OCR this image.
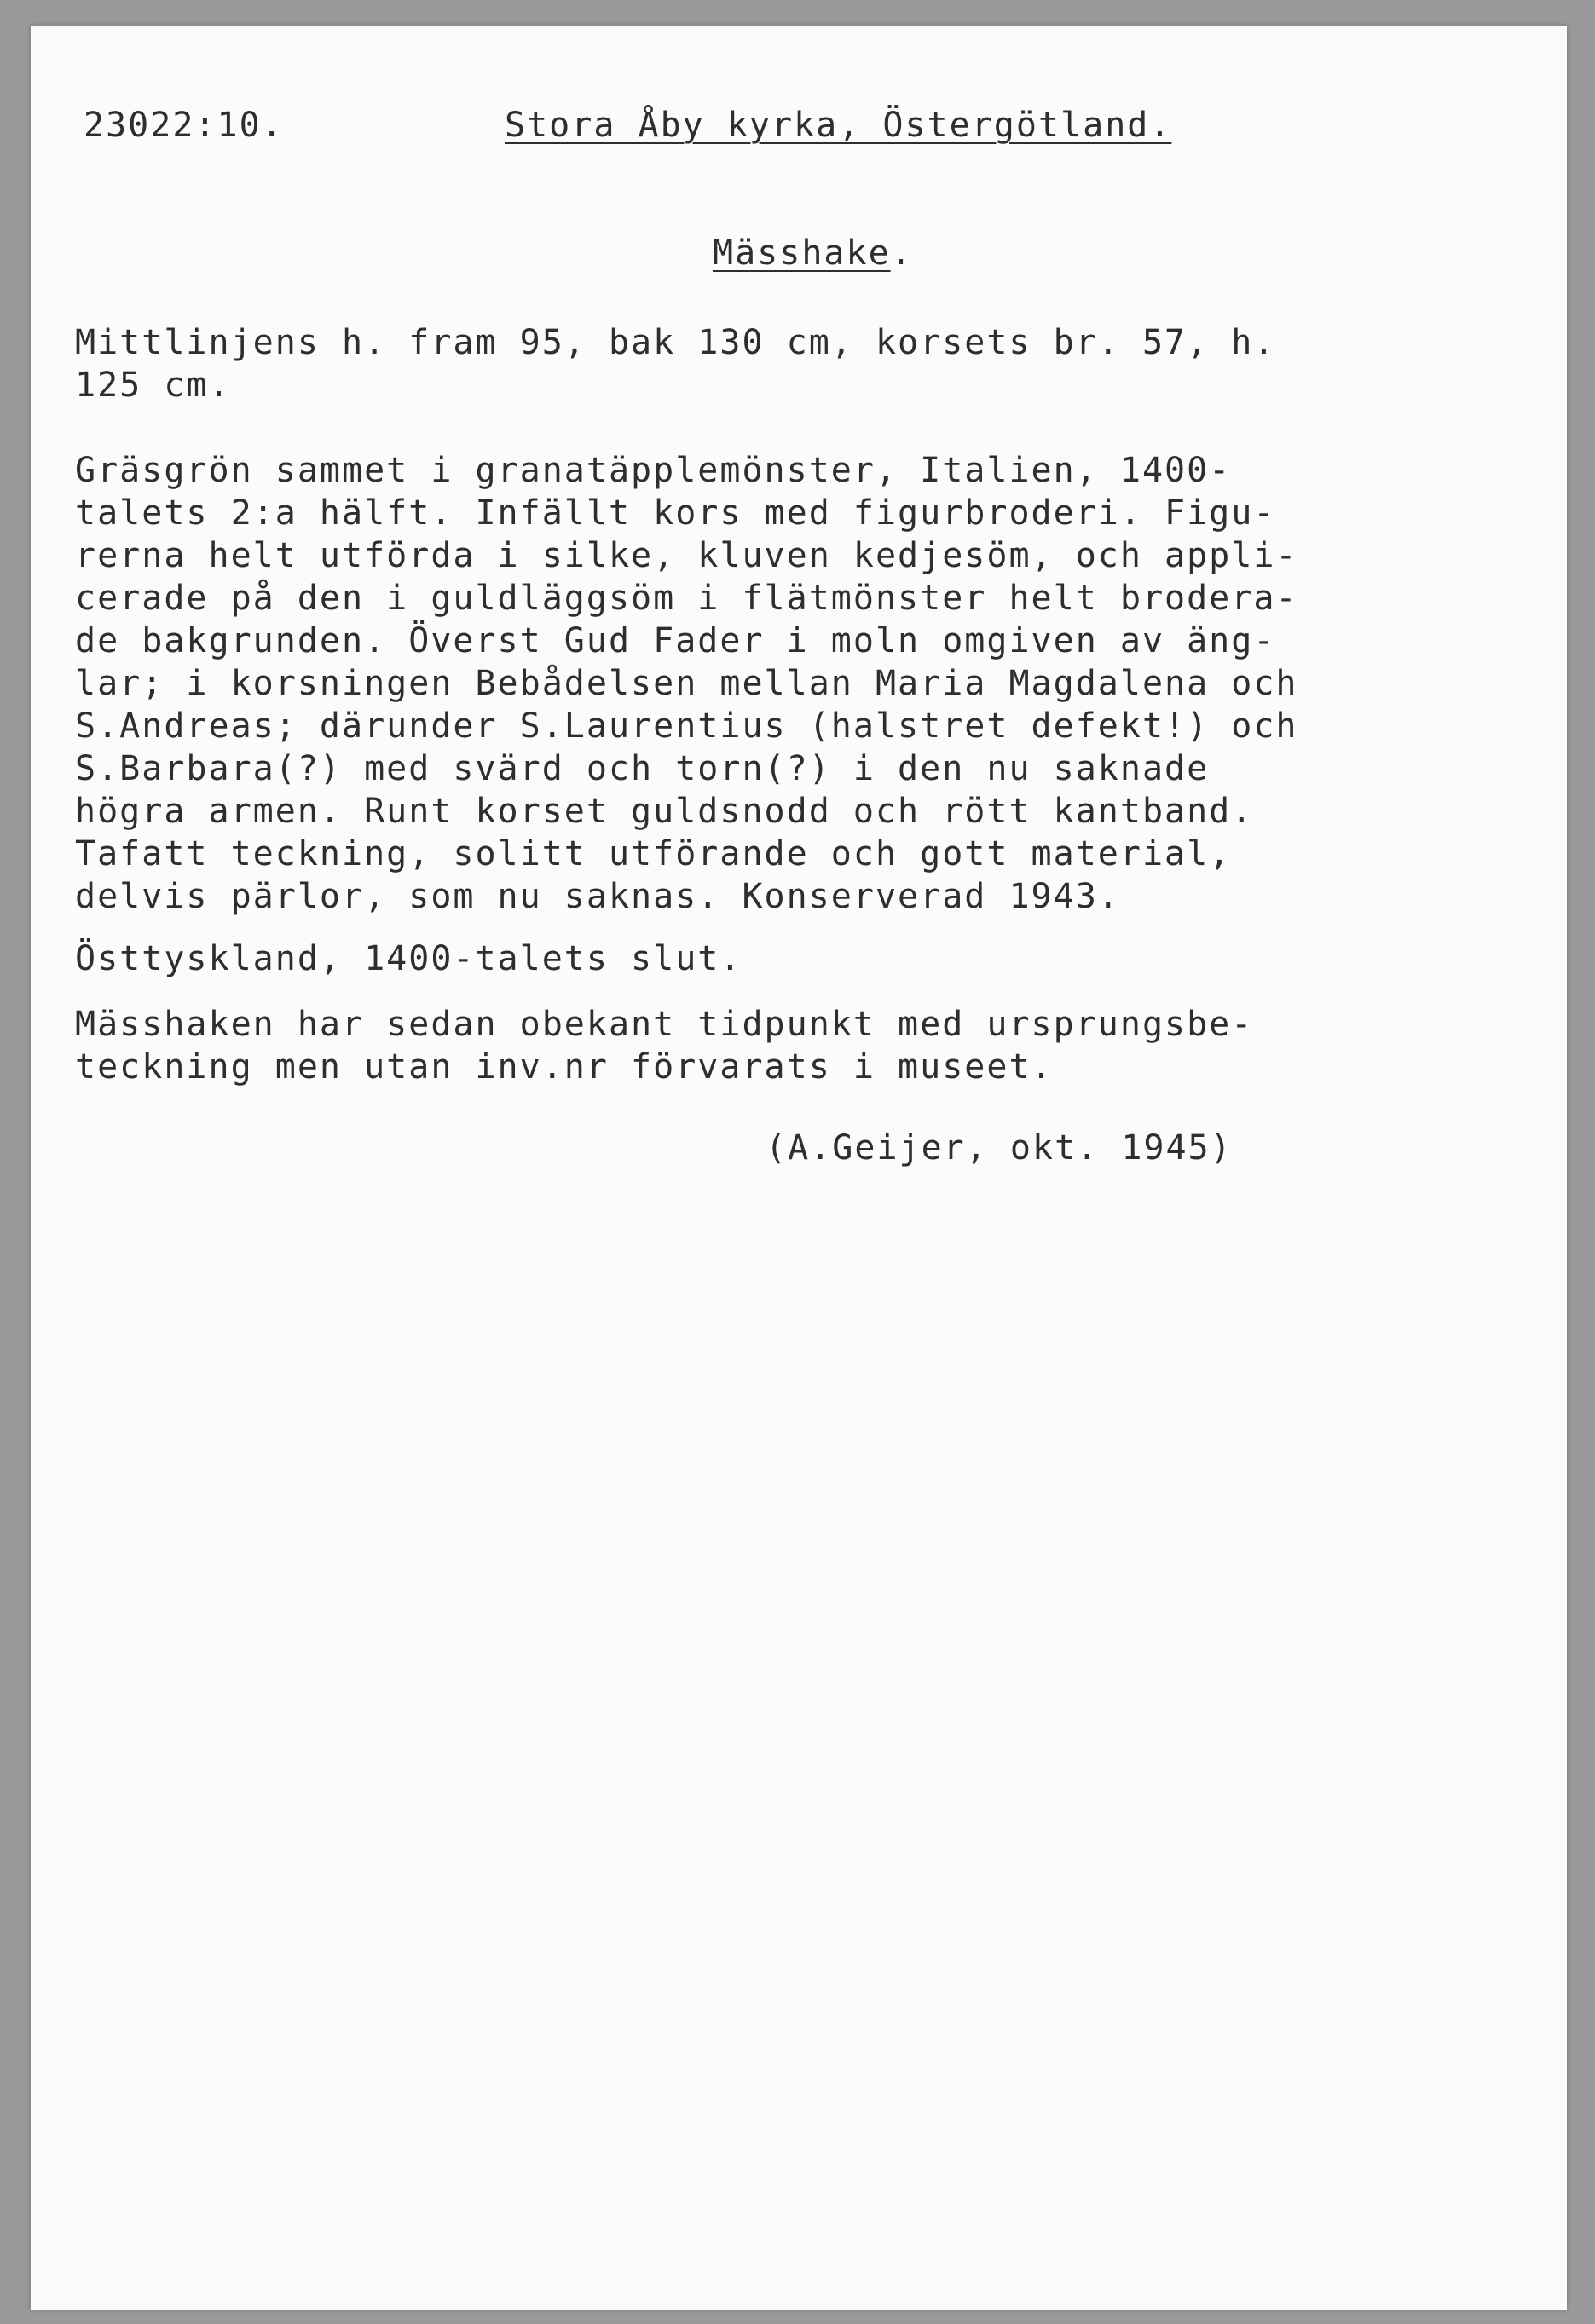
23022:10.	Stora Åby kyrka, Östergötland.
Mässhake.
Mittlinjens h. fram 95, bak 130 cm, korsets br. 57, h.
125 cm.
Gräsgrön sammet i granatäpplemönster, Italien, 1400-
talets 2:a hälft. Infällt kors med figurbroderi. Figu-
rerna helt utförda i silke, kluven kedjesöm, och appli-
cerade på den i guldläggsöm i flätmönster helt brodera-
de bakgrunden. Överst Gud Fader i moln omgiven av äng-
lar; i korsningen Bebådelsen mellan Maria Magdalena och
S.Andreas; därunder S.Laurentius (halstret defekt!) och
S.Barbara(?) med svärd och torn(?) i den nu saknade
högra armen. Runt korset guldsnodd och rött kantband.
Tafatt teckning, solitt utförande och gott material,
delvis pärlor, som nu saknas. Konserverad 1943.
Östtyskland, 1400-talets slut.
Mässhaken har sedan obekant tidpunkt med ursprungsbe-
teckning men utan inv.nr förvarats i museet.
(A.Geijer, okt. 1945)
